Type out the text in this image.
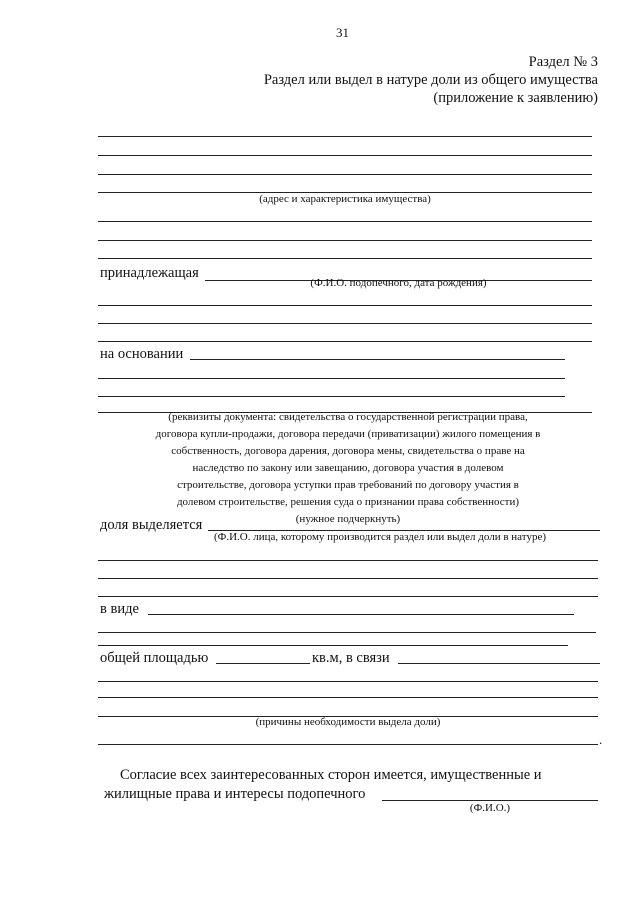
31
Раздел № 3
Раздел или выдел в натуре доли из общего имущества
(приложение к заявлению)
(адрес и характеристика имущества)
принадлежащая
(Ф.И.О. подопечного, дата рождения)
на основании
(реквизиты документа: свидетельства о государственной регистрации права,
договора купли-продажи, договора передачи (приватизации) жилого помещения в
собственность, договора дарения, договора мены, свидетельства о праве на
наследство по закону или завещанию, договора участия в долевом
строительстве, договора уступки прав требований по договору участия в
долевом строительстве, решения суда о признании права собственности)
(нужное подчеркнуть)
доля выделяется
(Ф.И.О. лица, которому производится раздел или выдел доли в натуре)
в виде
общей площадью	кв.м, в связи
(причины необходимости выдела доли)
.
Согласие всех заинтересованных сторон имеется, имущественные и
жилищные права и интересы подопечного
(Ф.И.О.)
